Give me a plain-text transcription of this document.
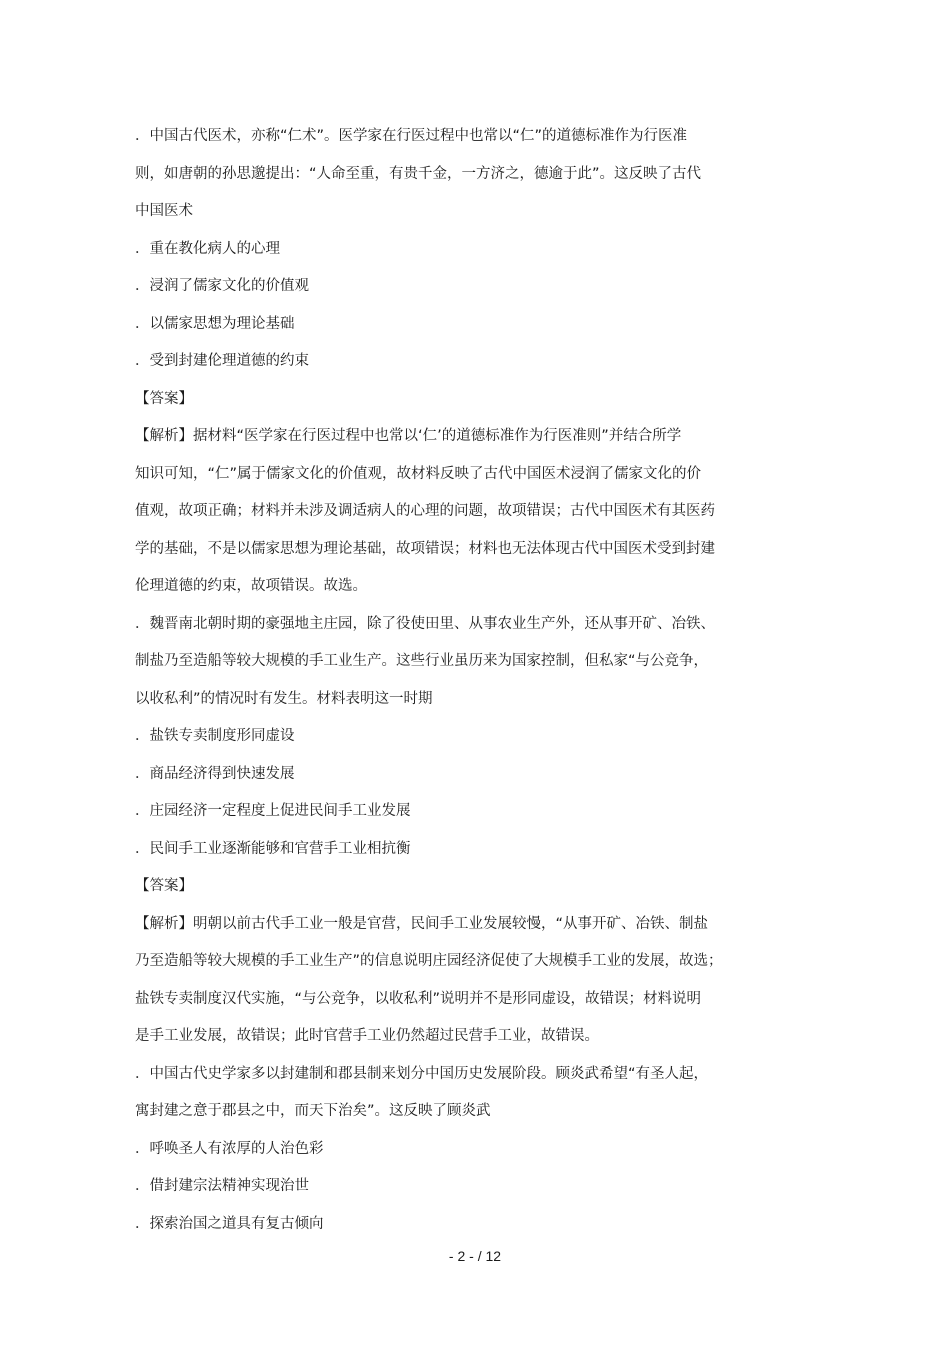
．中国古代医术，亦称“仁术”。医学家在行医过程中也常以“仁”的道德标准作为行医准
则，如唐朝的孙思邈提出：“人命至重，有贵千金，一方济之，德逾于此”。这反映了古代
中国医术
．重在教化病人的心理
．浸润了儒家文化的价值观
．以儒家思想为理论基础
．受到封建伦理道德的约束
【答案】
【解析】据材料“医学家在行医过程中也常以‘仁’的道德标准作为行医准则”并结合所学
知识可知，“仁”属于儒家文化的价值观，故材料反映了古代中国医术浸润了儒家文化的价
值观，故项正确；材料并未涉及调适病人的心理的问题，故项错误；古代中国医术有其医药
学的基础，不是以儒家思想为理论基础，故项错误；材料也无法体现古代中国医术受到封建
伦理道德的约束，故项错误。故选。
．魏晋南北朝时期的豪强地主庄园，除了役使田里、从事农业生产外，还从事开矿、冶铁、
制盐乃至造船等较大规模的手工业生产。这些行业虽历来为国家控制，但私家“与公竞争，
以收私利”的情况时有发生。材料表明这一时期
．盐铁专卖制度形同虚设
．商品经济得到快速发展
．庄园经济一定程度上促进民间手工业发展
．民间手工业逐渐能够和官营手工业相抗衡
【答案】
【解析】明朝以前古代手工业一般是官营，民间手工业发展较慢，“从事开矿、冶铁、制盐
乃至造船等较大规模的手工业生产”的信息说明庄园经济促使了大规模手工业的发展，故选；
盐铁专卖制度汉代实施，“与公竞争，以收私利”说明并不是形同虚设，故错误；材料说明
是手工业发展，故错误；此时官营手工业仍然超过民营手工业，故错误。
．中国古代史学家多以封建制和郡县制来划分中国历史发展阶段。顾炎武希望“有圣人起，
寓封建之意于郡县之中，而天下治矣”。这反映了顾炎武
．呼唤圣人有浓厚的人治色彩
．借封建宗法精神实现治世
．探索治国之道具有复古倾向
- 2 - / 12
